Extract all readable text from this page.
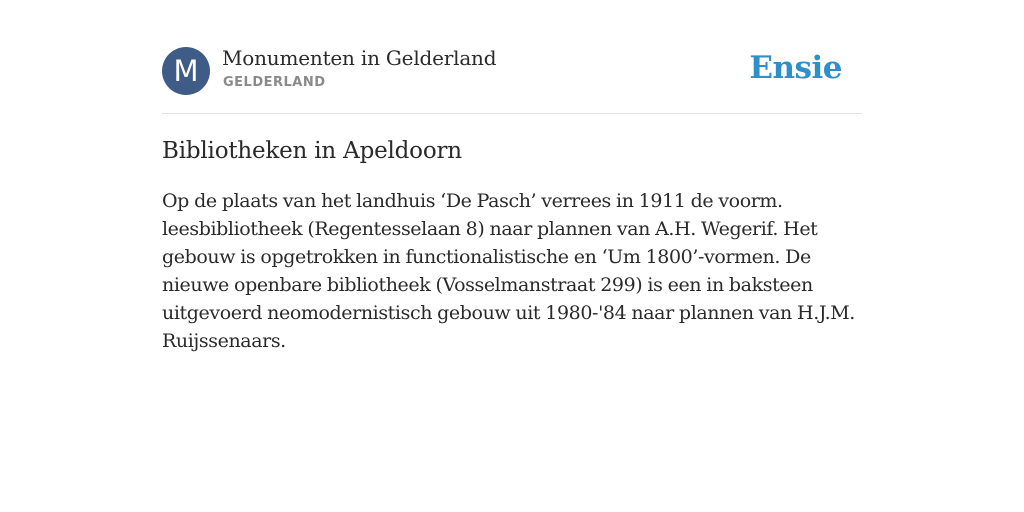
M	Monumenten in Gelderland
GELDERLAND	Ensie
Bibliotheken in Apeldoorn

Op de plaats van het landhuis ‘De Pasch’ verrees in 1911 de voorm. leesbibliotheek (Regentesselaan 8) naar plannen van A.H. Wegerif. Het gebouw is opgetrokken in functionalistische en ‘Um 1800’-vormen. De nieuwe openbare bibliotheek (Vosselmanstraat 299) is een in baksteen uitgevoerd neomodernistisch gebouw uit 1980-'84 naar plannen van H.J.M. Ruijssenaars.
